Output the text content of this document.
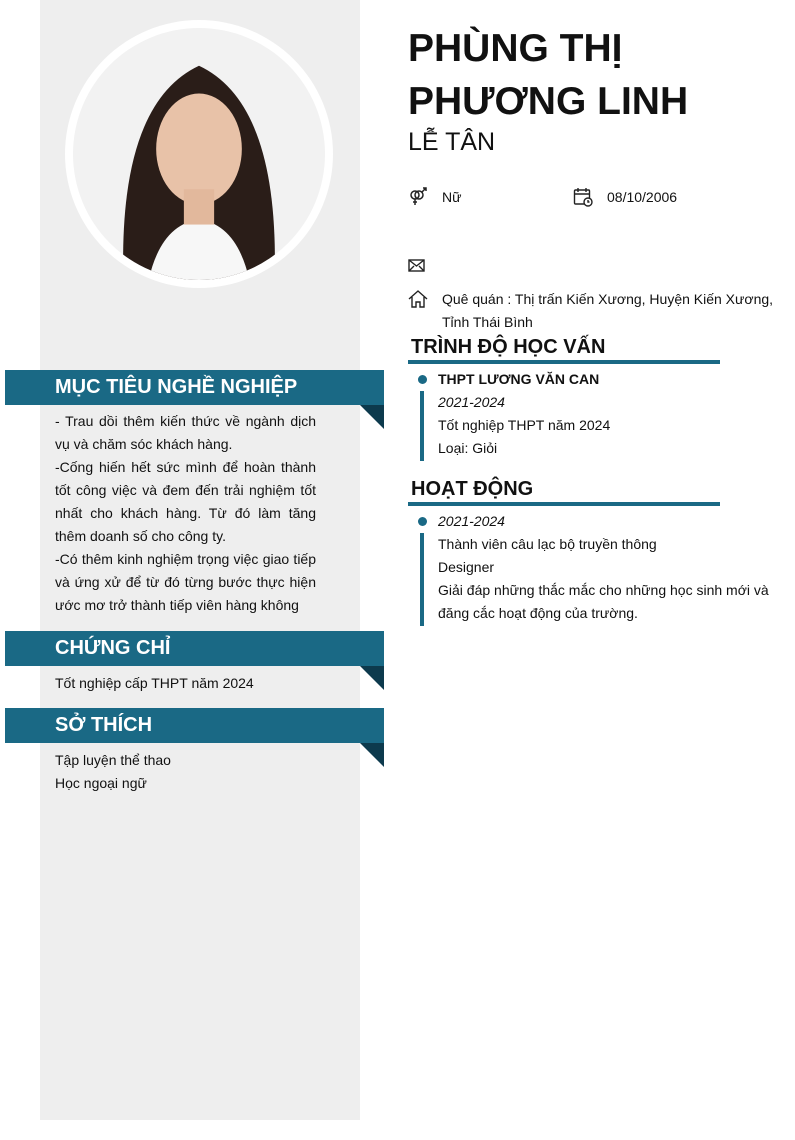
MỤC TIÊU NGHỀ NGHIỆP
- Trau dồi thêm kiến thức về ngành dịch vụ và chăm sóc khách hàng.
-Cống hiến hết sức mình để hoàn thành tốt công việc và đem đến trải nghiệm tốt nhất cho khách hàng. Từ đó làm tăng thêm doanh số cho công ty.
-Có thêm kinh nghiệm trọng việc giao tiếp và ứng xử để từ đó từng bước thực hiện ước mơ trở thành tiếp viên hàng không
CHỨNG CHỈ
Tốt nghiệp cấp THPT năm 2024
SỞ THÍCH
Tập luyện thể thao
Học ngoại ngữ
PHÙNG THỊ PHƯƠNG LINH
LỄ TÂN
Nữ	08/10/2006
Quê quán : Thị trấn Kiến Xương, Huyện Kiến Xương, Tỉnh Thái Bình
TRÌNH ĐỘ HỌC VẤN
THPT LƯƠNG VĂN CAN
2021-2024
Tốt nghiệp THPT năm 2024
Loại: Giỏi
HOẠT ĐỘNG
2021-2024
Thành viên câu lạc bộ truyền thông
Designer
Giải đáp những thắc mắc cho những học sinh mới và đăng cắc hoạt động của trường.
